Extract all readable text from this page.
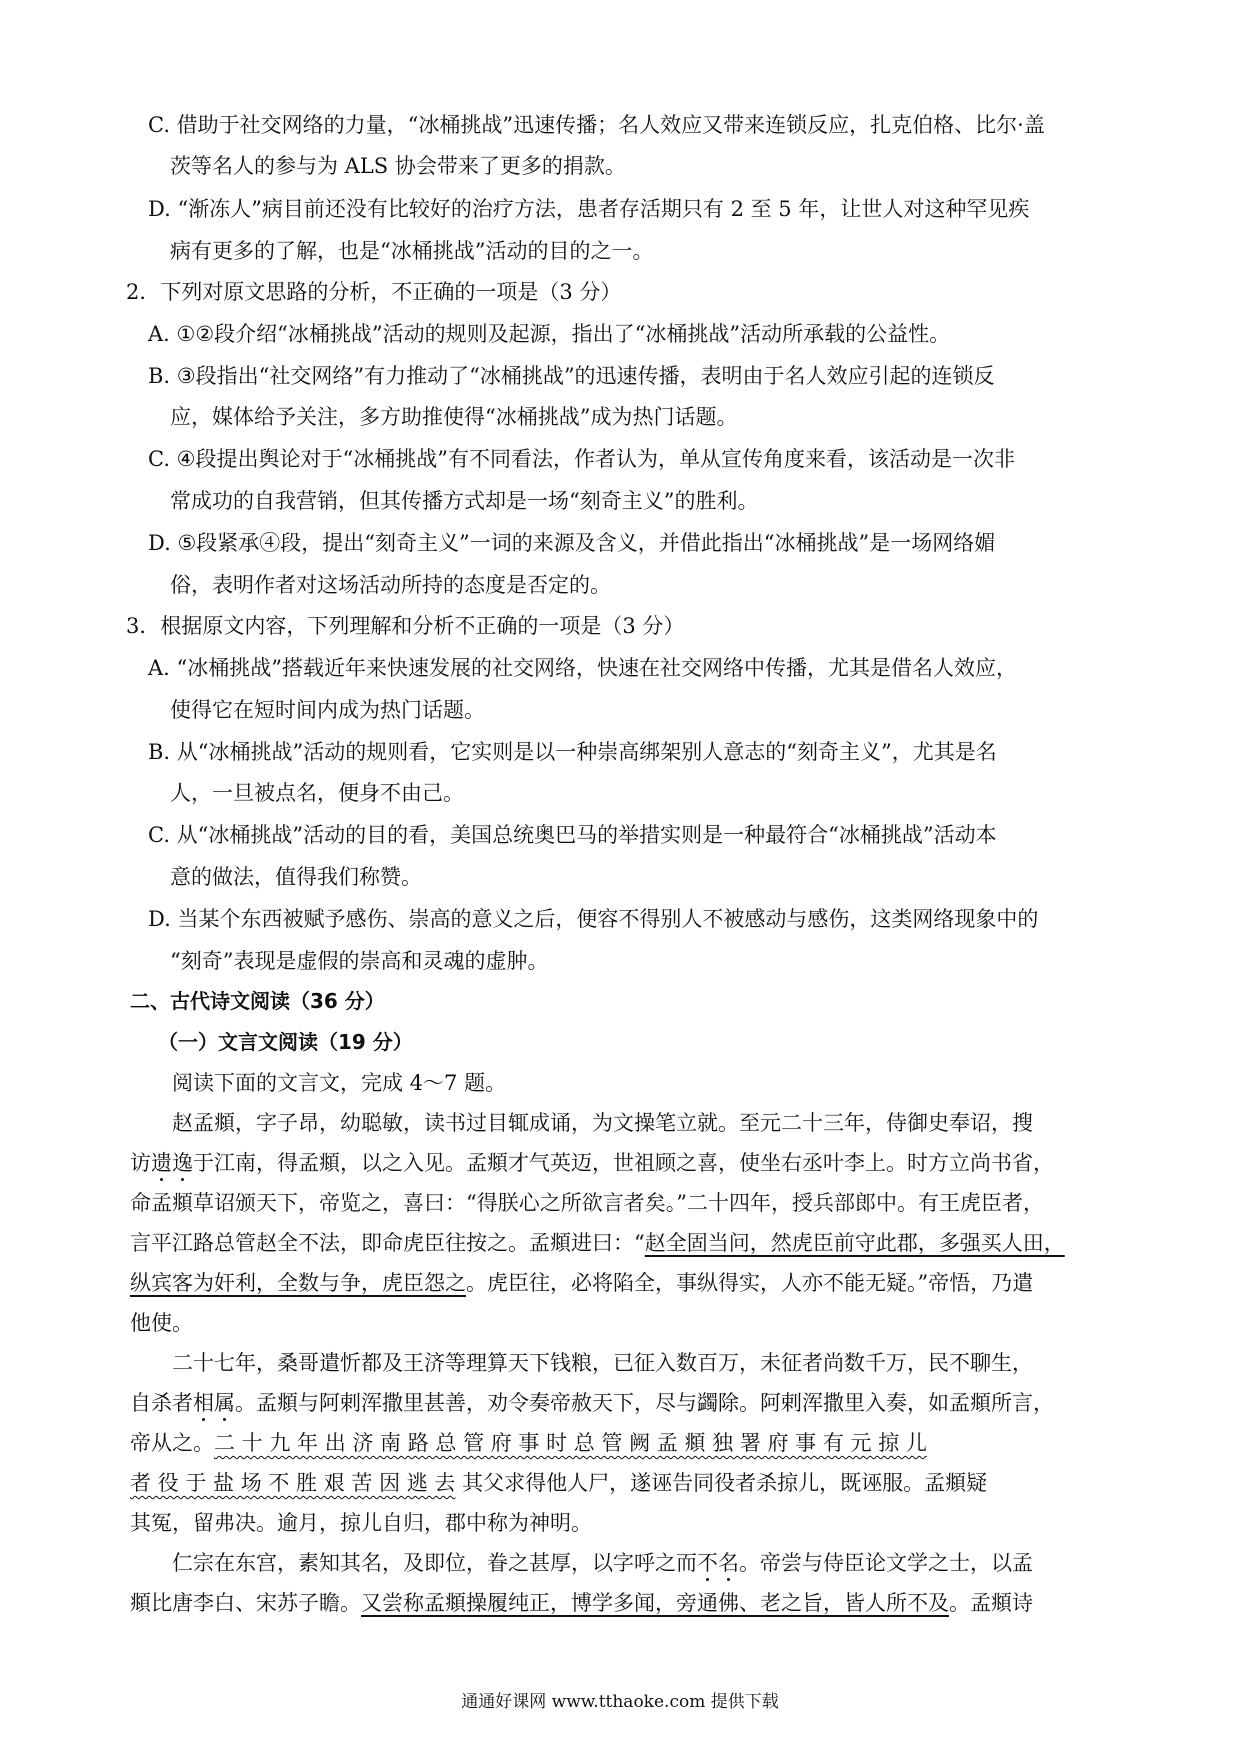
C. 借助于社交网络的力量，“冰桶挑战”迅速传播；名人效应又带来连锁反应，扎克伯格、比尔·盖
茨等名人的参与为 ALS 协会带来了更多的捐款。
D. “渐冻人”病目前还没有比较好的治疗方法，患者存活期只有 2 至 5 年，让世人对这种罕见疾
病有更多的了解，也是“冰桶挑战”活动的目的之一。
2．下列对原文思路的分析，不正确的一项是（3 分）
A. ①②段介绍“冰桶挑战”活动的规则及起源，指出了“冰桶挑战”活动所承载的公益性。
B. ③段指出“社交网络”有力推动了“冰桶挑战”的迅速传播，表明由于名人效应引起的连锁反
应，媒体给予关注，多方助推使得“冰桶挑战”成为热门话题。
C. ④段提出舆论对于“冰桶挑战”有不同看法，作者认为，单从宣传角度来看，该活动是一次非
常成功的自我营销，但其传播方式却是一场“刻奇主义”的胜利。
D. ⑤段紧承④段，提出“刻奇主义”一词的来源及含义，并借此指出“冰桶挑战”是一场网络媚
俗，表明作者对这场活动所持的态度是否定的。
3．根据原文内容，下列理解和分析不正确的一项是（3 分）
A. “冰桶挑战”搭载近年来快速发展的社交网络，快速在社交网络中传播，尤其是借名人效应，
使得它在短时间内成为热门话题。
B. 从“冰桶挑战”活动的规则看，它实则是以一种崇高绑架别人意志的“刻奇主义”，尤其是名
人，一旦被点名，便身不由己。
C. 从“冰桶挑战”活动的目的看，美国总统奥巴马的举措实则是一种最符合“冰桶挑战”活动本
意的做法，值得我们称赞。
D. 当某个东西被赋予感伤、崇高的意义之后，便容不得别人不被感动与感伤，这类网络现象中的
“刻奇”表现是虚假的崇高和灵魂的虚肿。
二、古代诗文阅读（36 分）
（一）文言文阅读（19 分）
阅读下面的文言文，完成 4～7 题。
赵孟頫，字子昂，幼聪敏，读书过目辄成诵，为文操笔立就。至元二十三年，侍御史奉诏，搜
访遗逸于江南，得孟頫，以之入见。孟頫才气英迈，世祖顾之喜，使坐右丞叶李上。时方立尚书省，
命孟頫草诏颁天下，帝览之，喜曰：“得朕心之所欲言者矣。”二十四年，授兵部郎中。有王虎臣者，
言平江路总管赵全不法，即命虎臣往按之。孟頫进曰：“赵全固当问，然虎臣前守此郡，多强买人田，
纵宾客为奸利，全数与争，虎臣怨之。虎臣往，必将陷全，事纵得实，人亦不能无疑。”帝悟，乃遣
他使。
二十七年，桑哥遣忻都及王济等理算天下钱粮，已征入数百万，未征者尚数千万，民不聊生，
自杀者相属。孟頫与阿剌浑撒里甚善，劝令奏帝赦天下，尽与蠲除。阿剌浑撒里入奏，如孟頫所言，
帝从之。二 十 九 年 出 济 南 路 总 管 府 事 时 总 管 阙 孟 頫 独 署 府 事 有 元 掠 儿
者 役 于 盐 场 不 胜 艰 苦 因 逃 去 其父求得他人尸，遂诬告同役者杀掠儿，既诬服。孟頫疑
其冤，留弗决。逾月，掠儿自归，郡中称为神明。
仁宗在东宫，素知其名，及即位，眷之甚厚，以字呼之而不名。帝尝与侍臣论文学之士，以孟
頫比唐李白、宋苏子瞻。又尝称孟頫操履纯正，博学多闻，旁通佛、老之旨，皆人所不及。孟頫诗
通通好课网 www.tthaoke.com 提供下载
